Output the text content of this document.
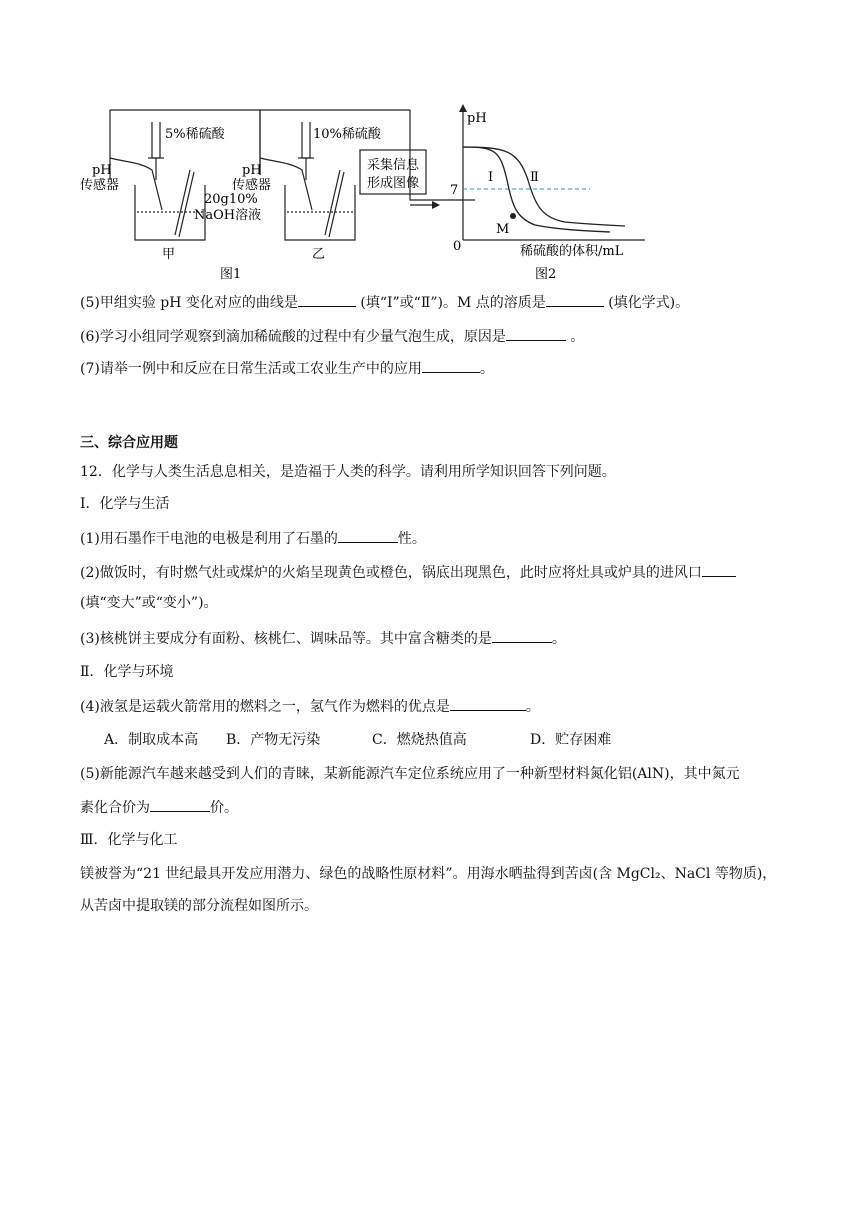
5%稀硫酸
pH
传感器
甲
20g10%
NaOH溶液
10%稀硫酸
pH
传感器
乙
采集信息
形成图像
图1	图2
pH
0
7
稀硫酸的体积/mL
Ⅰ	Ⅱ
M
(5)甲组实验 pH 变化对应的曲线是	(填“Ⅰ”或“Ⅱ”)。M 点的溶质是	(填化学式)。
(6)学习小组同学观察到滴加稀硫酸的过程中有少量气泡生成，原因是	。
(7)请举一例中和反应在日常生活或工农业生产中的应用	。
三、综合应用题
12．化学与人类生活息息相关，是造福于人类的科学。请利用所学知识回答下列问题。
Ⅰ．化学与生活
(1)用石墨作干电池的电极是利用了石墨的	性。
(2)做饭时，有时燃气灶或煤炉的火焰呈现黄色或橙色，锅底出现黑色，此时应将灶具或炉具的进风口
(填“变大”或“变小”)。
(3)核桃饼主要成分有面粉、核桃仁、调味品等。其中富含糖类的是	。
Ⅱ．化学与环境
(4)液氢是运载火箭常用的燃料之一，氢气作为燃料的优点是	。
A．制取成本高 B．产物无污染	C．燃烧热值高	D．贮存困难
(5)新能源汽车越来越受到人们的青睐，某新能源汽车定位系统应用了一种新型材料氮化铝(AlN)，其中氮元
素化合价为	价。
Ⅲ．化学与化工
镁被誉为“21 世纪最具开发应用潜力、绿色的战略性原材料”。用海水晒盐得到苦卤(含 MgCl₂、NaCl 等物质)，
从苦卤中提取镁的部分流程如图所示。
